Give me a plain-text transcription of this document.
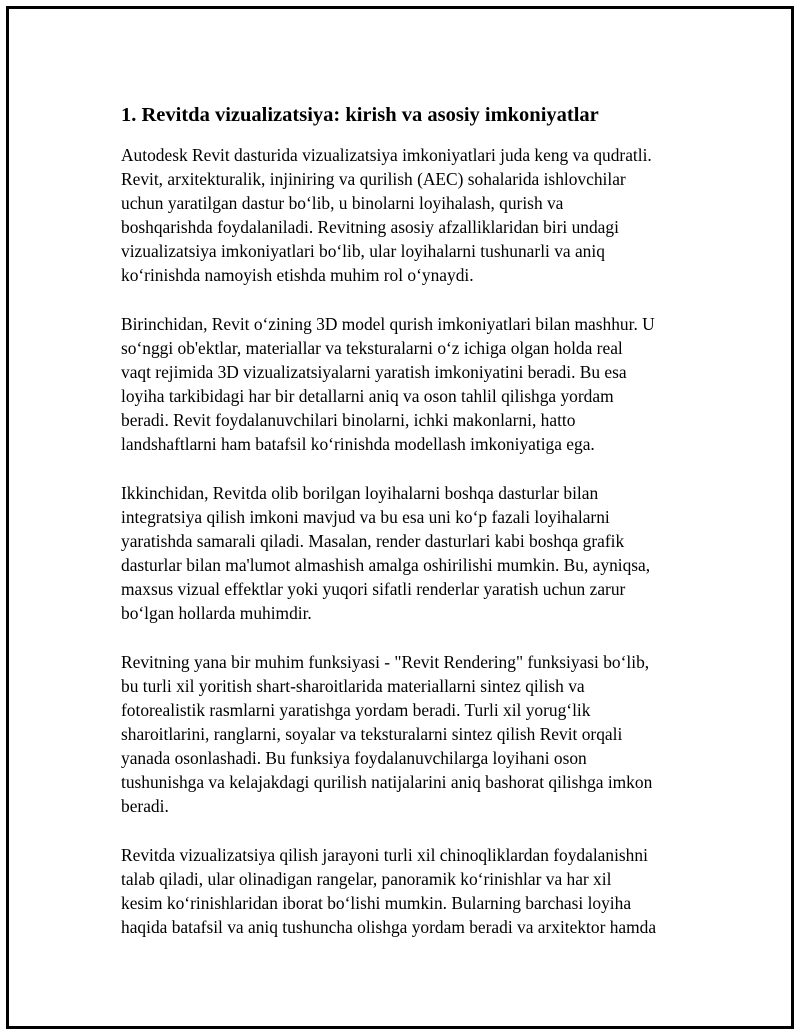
1. Revitda vizualizatsiya: kirish va asosiy imkoniyatlar

Autodesk Revit dasturida vizualizatsiya imkoniyatlari juda keng va qudratli.
Revit, arxitekturalik, injiniring va qurilish (AEC) sohalarida ishlovchilar
uchun yaratilgan dastur bo‘lib, u binolarni loyihalash, qurish va
boshqarishda foydalaniladi. Revitning asosiy afzalliklaridan biri undagi
vizualizatsiya imkoniyatlari bo‘lib, ular loyihalarni tushunarli va aniq
ko‘rinishda namoyish etishda muhim rol o‘ynaydi.

Birinchidan, Revit o‘zining 3D model qurish imkoniyatlari bilan mashhur. U
so‘nggi ob'ektlar, materiallar va teksturalarni o‘z ichiga olgan holda real
vaqt rejimida 3D vizualizatsiyalarni yaratish imkoniyatini beradi. Bu esa
loyiha tarkibidagi har bir detallarni aniq va oson tahlil qilishga yordam
beradi. Revit foydalanuvchilari binolarni, ichki makonlarni, hatto
landshaftlarni ham batafsil ko‘rinishda modellash imkoniyatiga ega.

Ikkinchidan, Revitda olib borilgan loyihalarni boshqa dasturlar bilan
integratsiya qilish imkoni mavjud va bu esa uni ko‘p fazali loyihalarni
yaratishda samarali qiladi. Masalan, render dasturlari kabi boshqa grafik
dasturlar bilan ma'lumot almashish amalga oshirilishi mumkin. Bu, ayniqsa,
maxsus vizual effektlar yoki yuqori sifatli renderlar yaratish uchun zarur
bo‘lgan hollarda muhimdir.

Revitning yana bir muhim funksiyasi - "Revit Rendering" funksiyasi bo‘lib,
bu turli xil yoritish shart-sharoitlarida materiallarni sintez qilish va
fotorealistik rasmlarni yaratishga yordam beradi. Turli xil yorug‘lik
sharoitlarini, ranglarni, soyalar va teksturalarni sintez qilish Revit orqali
yanada osonlashadi. Bu funksiya foydalanuvchilarga loyihani oson
tushunishga va kelajakdagi qurilish natijalarini aniq bashorat qilishga imkon
beradi.

Revitda vizualizatsiya qilish jarayoni turli xil chinoqliklardan foydalanishni
talab qiladi, ular olinadigan rangelar, panoramik ko‘rinishlar va har xil
kesim ko‘rinishlaridan iborat bo‘lishi mumkin. Bularning barchasi loyiha
haqida batafsil va aniq tushuncha olishga yordam beradi va arxitektor hamda
